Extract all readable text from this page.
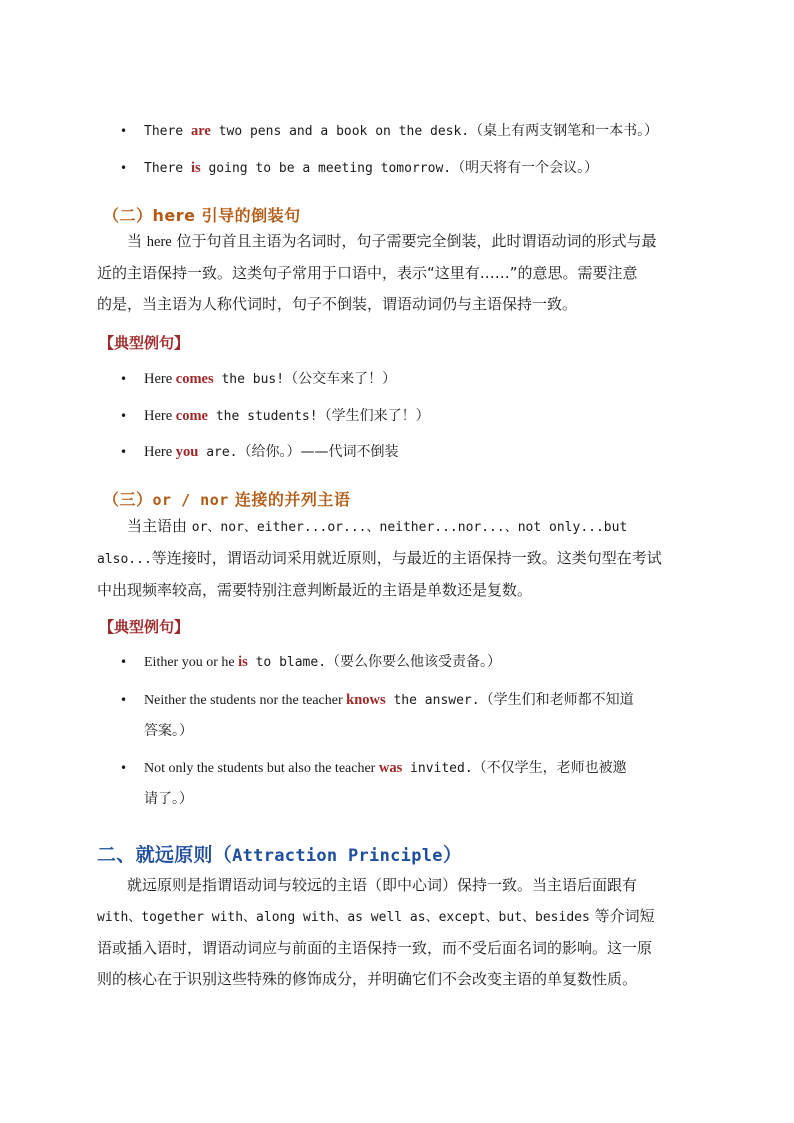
• There are two pens and a book on the desk.（桌上有两支钢笔和一本书。）
• There is going to be a meeting tomorrow.（明天将有一个会议。）
（二）here 引导的倒装句
当 here 位于句首且主语为名词时，句子需要完全倒装，此时谓语动词的形式与最
近的主语保持一致。这类句子常用于口语中，表示“这里有……”的意思。需要注意
的是，当主语为人称代词时，句子不倒装，谓语动词仍与主语保持一致。
【典型例句】
• Here comes the bus!（公交车来了！）
• Here come the students!（学生们来了！）
• Here you are.（给你。）——代词不倒装
（三）or / nor 连接的并列主语
当主语由 or、nor、either...or...、neither...nor...、not only...but
also...等连接时，谓语动词采用就近原则，与最近的主语保持一致。这类句型在考试
中出现频率较高，需要特别注意判断最近的主语是单数还是复数。
【典型例句】
• Either you or he is to blame.（要么你要么他该受责备。）
• Neither the students nor the teacher knows the answer.（学生们和老师都不知道
答案。）
• Not only the students but also the teacher was invited.（不仅学生，老师也被邀
请了。）
二、就远原则（Attraction Principle）
就远原则是指谓语动词与较远的主语（即中心词）保持一致。当主语后面跟有
with、together with、along with、as well as、except、but、besides 等介词短
语或插入语时，谓语动词应与前面的主语保持一致，而不受后面名词的影响。这一原
则的核心在于识别这些特殊的修饰成分，并明确它们不会改变主语的单复数性质。
